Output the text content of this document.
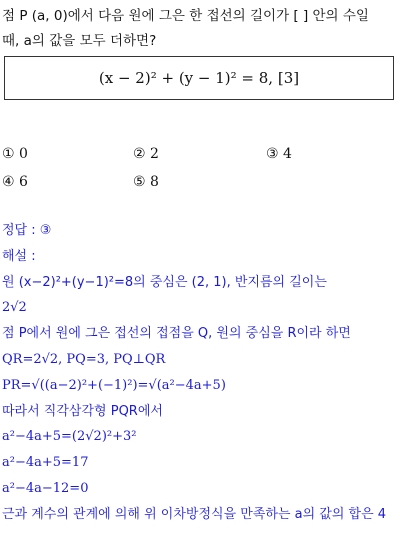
점 P (a, 0)에서 다음 원에 그은 한 접선의 길이가 [ ] 안의 수일
때, a의 값을 모두 더하면?
(x − 2)² + (y − 1)² = 8, [3]
① 0	② 2	③ 4
④ 6	⑤ 8
정답 : ③
해설 :
원 (x−2)²+(y−1)²=8의 중심은 (2, 1), 반지름의 길이는
2√2
점 P에서 원에 그은 접선의 접점을 Q, 원의 중심을 R이라 하면
QR=2√2, PQ=3, PQ⊥QR
PR=√((a−2)²+(−1)²)=√(a²−4a+5)
따라서 직각삼각형 PQR에서
a²−4a+5=(2√2)²+3²
a²−4a+5=17
a²−4a−12=0
근과 계수의 관계에 의해 위 이차방정식을 만족하는 a의 값의 합은 4
